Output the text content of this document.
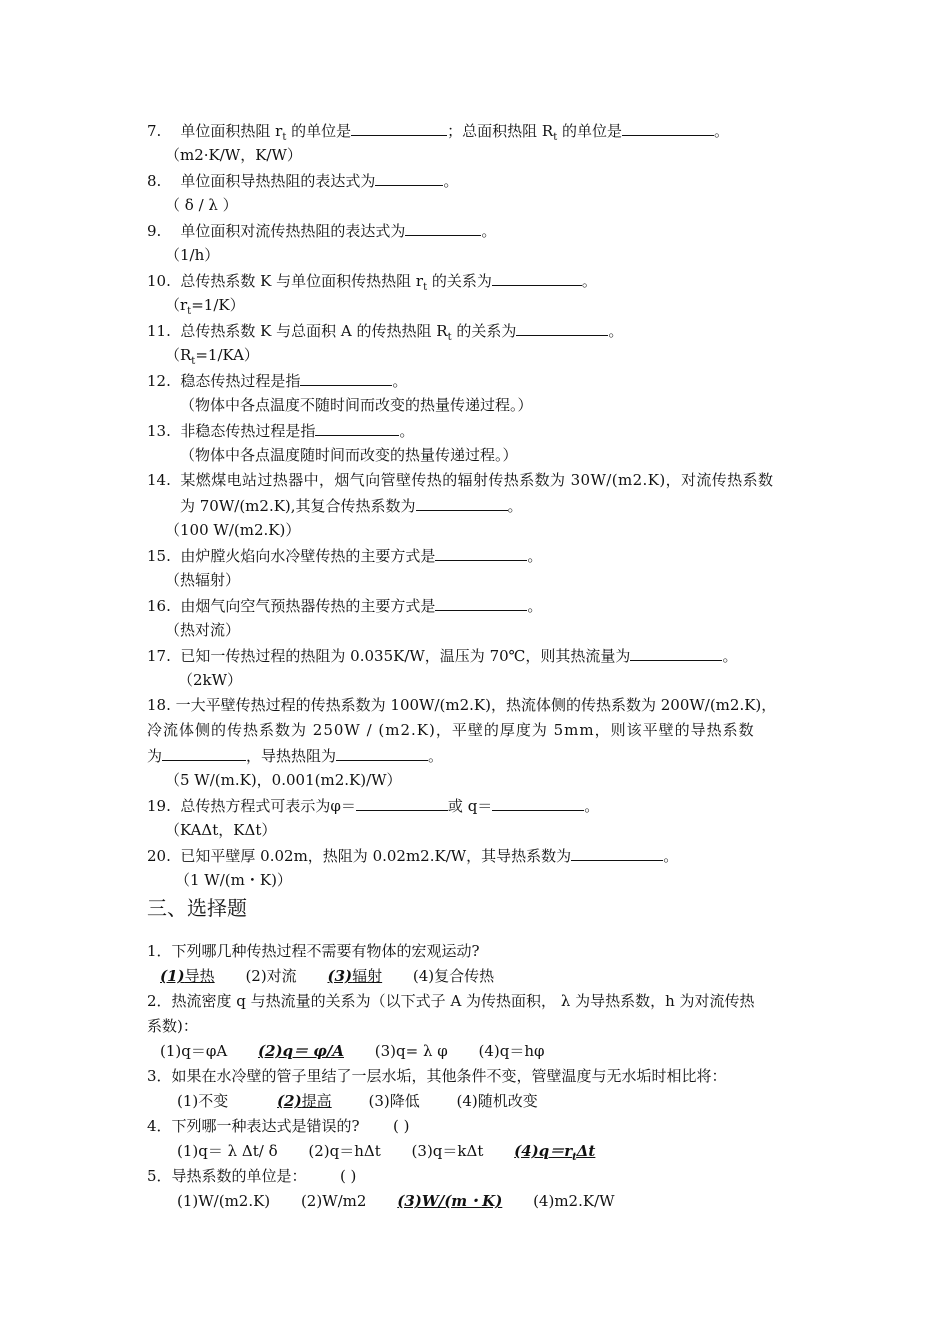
7. 单位面积热阻 $r_t$ 的单位是	；总面积热阻 $R_t$ 的单位是	。
（m2·K/W，K/W）
8. 单位面积导热热阻的表达式为	。
（ δ / λ ）
9. 单位面积对流传热热阻的表达式为	。
（1/h）
10. 总传热系数 K 与单位面积传热热阻 $r_t$ 的关系为	。
$(r_t=1/K)$
11. 总传热系数 K 与总面积 A 的传热热阻 $R_t$ 的关系为	。
$(R_t=1/KA)$
12. 稳态传热过程是指	。
（物体中各点温度不随时间而改变的热量传递过程。）
13. 非稳态传热过程是指	。
（物体中各点温度随时间而改变的热量传递过程。）
14. 某燃煤电站过热器中，烟气向管壁传热的辐射传热系数为 30W/(m2.K)，对流传热系数
为 70W/(m2.K),其复合传热系数为	。
（100 W/(m2.K)）
15. 由炉膛火焰向水冷壁传热的主要方式是	。
（热辐射）
16. 由烟气向空气预热器传热的主要方式是	。
（热对流）
17. 已知一传热过程的热阻为 0.035K/W，温压为 70℃，则其热流量为	。
（2kW）
18. 一大平壁传热过程的传热系数为 100W/(m2.K)，热流体侧的传热系数为 200W/(m2.K)，
冷流体侧的传热系数为 250W / (m2.K)，平壁的厚度为 5mm，则该平壁的导热系数
为	，导热热阻为	。
（5 W/(m.K)，0.001(m2.K)/W）
19. 总传热方程式可表示为φ＝	或 q＝	。
（KAΔt，KΔt）
20. 已知平壁厚 0.02m，热阻为 0.02m2.K/W，其导热系数为	。
（1 W/(m・K)）
三、选择题
1．下列哪几种传热过程不需要有物体的宏观运动?
(1)导热 (2)对流 (3)辐射 (4)复合传热
2．热流密度 q 与热流量的关系为（以下式子 A 为传热面积， λ 为导热系数，h 为对流传热
系数)：
(1)q＝φA (2)q＝ φ/A (3)q= λ φ (4)q＝hφ
3．如果在水冷壁的管子里结了一层水垢，其他条件不变，管壁温度与无水垢时相比将：
(1)不变	(2)提高 (3)降低 (4)随机改变
4．下列哪一种表达式是错误的? ( )
(1)q＝ λ Δt/ δ (2)q＝hΔt (3)q＝kΔt $(4)q=r_t\Delta t$
5．导热系数的单位是： ( )
(1)W/(m2.K) (2)W/m2 (3)W/(m・K) (4)m2.K/W
